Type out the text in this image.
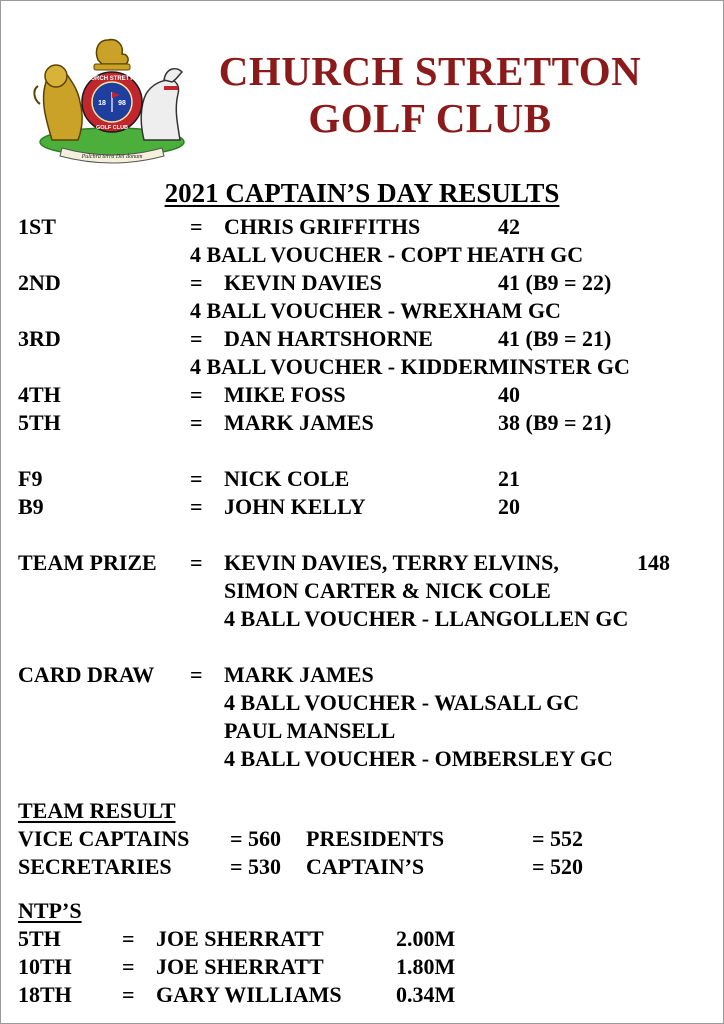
CHURCH STRETTON
GOLF CLUB
18 98
Pulchra terra Dei donum
CHURCH STRETTON
GOLF CLUB
2021 CAPTAIN’S DAY RESULTS
1ST	= CHRIS GRIFFITHS	42
4 BALL VOUCHER - COPT HEATH GC
2ND	= KEVIN DAVIES	41 (B9 = 22)
4 BALL VOUCHER - WREXHAM GC
3RD	= DAN HARTSHORNE	41 (B9 = 21)
4 BALL VOUCHER - KIDDERMINSTER GC
4TH	= MIKE FOSS	40
5TH	= MARK JAMES	38 (B9 = 21)
F9	= NICK COLE	21
B9	= JOHN KELLY	20
TEAM PRIZE = KEVIN DAVIES, TERRY ELVINS,	148
SIMON CARTER & NICK COLE
4 BALL VOUCHER - LLANGOLLEN GC
CARD DRAW = MARK JAMES
4 BALL VOUCHER - WALSALL GC
PAUL MANSELL
4 BALL VOUCHER - OMBERSLEY GC
TEAM RESULT
VICE CAPTAINS = 560 PRESIDENTS	= 552
SECRETARIES	= 530 CAPTAIN’S	= 520
NTP’S
5TH	= JOE SHERRATT	2.00M
10TH = JOE SHERRATT	1.80M
18TH = GARY WILLIAMS 0.34M
